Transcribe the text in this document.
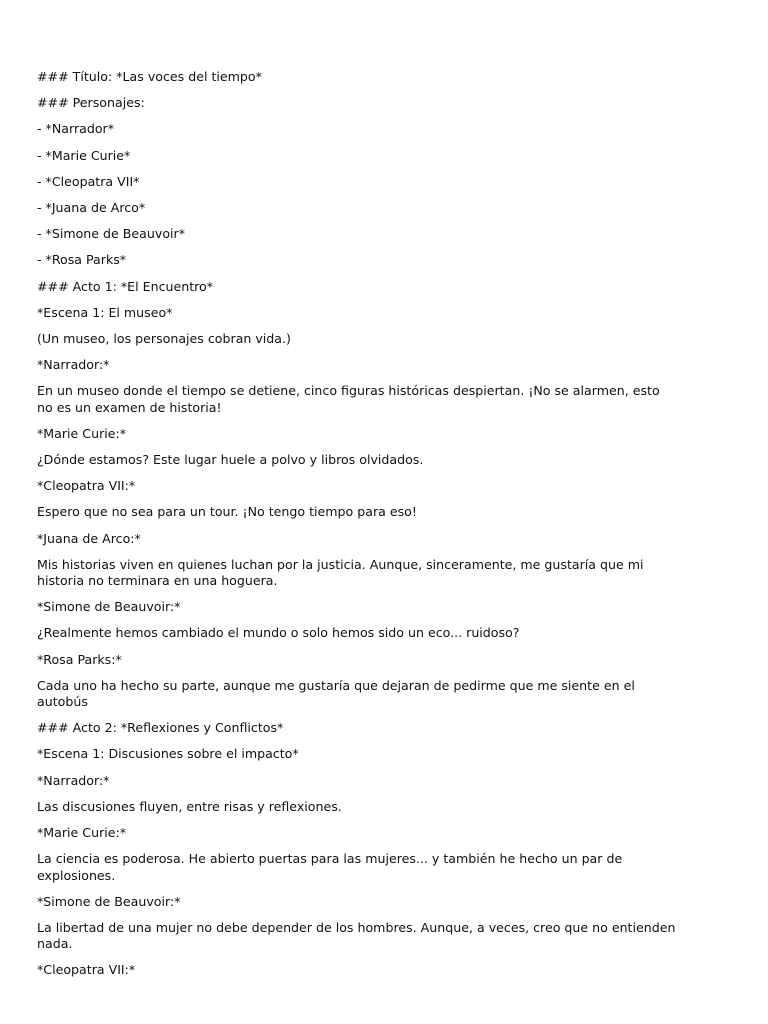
### Título: *Las voces del tiempo*

### Personajes:

- *Narrador*

- *Marie Curie*

- *Cleopatra VII*

- *Juana de Arco*

- *Simone de Beauvoir*

- *Rosa Parks*

### Acto 1: *El Encuentro*

*Escena 1: El museo*

(Un museo, los personajes cobran vida.)

*Narrador:*

En un museo donde el tiempo se detiene, cinco figuras históricas despiertan. ¡No se alarmen, esto no es un examen de historia!

*Marie Curie:*

¿Dónde estamos? Este lugar huele a polvo y libros olvidados.

*Cleopatra VII:*

Espero que no sea para un tour. ¡No tengo tiempo para eso!

*Juana de Arco:*

Mis historias viven en quienes luchan por la justicia. Aunque, sinceramente, me gustaría que mi historia no terminara en una hoguera.

*Simone de Beauvoir:*

¿Realmente hemos cambiado el mundo o solo hemos sido un eco... ruidoso?

*Rosa Parks:*

Cada uno ha hecho su parte, aunque me gustaría que dejaran de pedirme que me siente en el autobús

### Acto 2: *Reflexiones y Conflictos*

*Escena 1: Discusiones sobre el impacto*

*Narrador:*

Las discusiones fluyen, entre risas y reflexiones.

*Marie Curie:*

La ciencia es poderosa. He abierto puertas para las mujeres... y también he hecho un par de explosiones.

*Simone de Beauvoir:*

La libertad de una mujer no debe depender de los hombres. Aunque, a veces, creo que no entienden nada.

*Cleopatra VII:*
